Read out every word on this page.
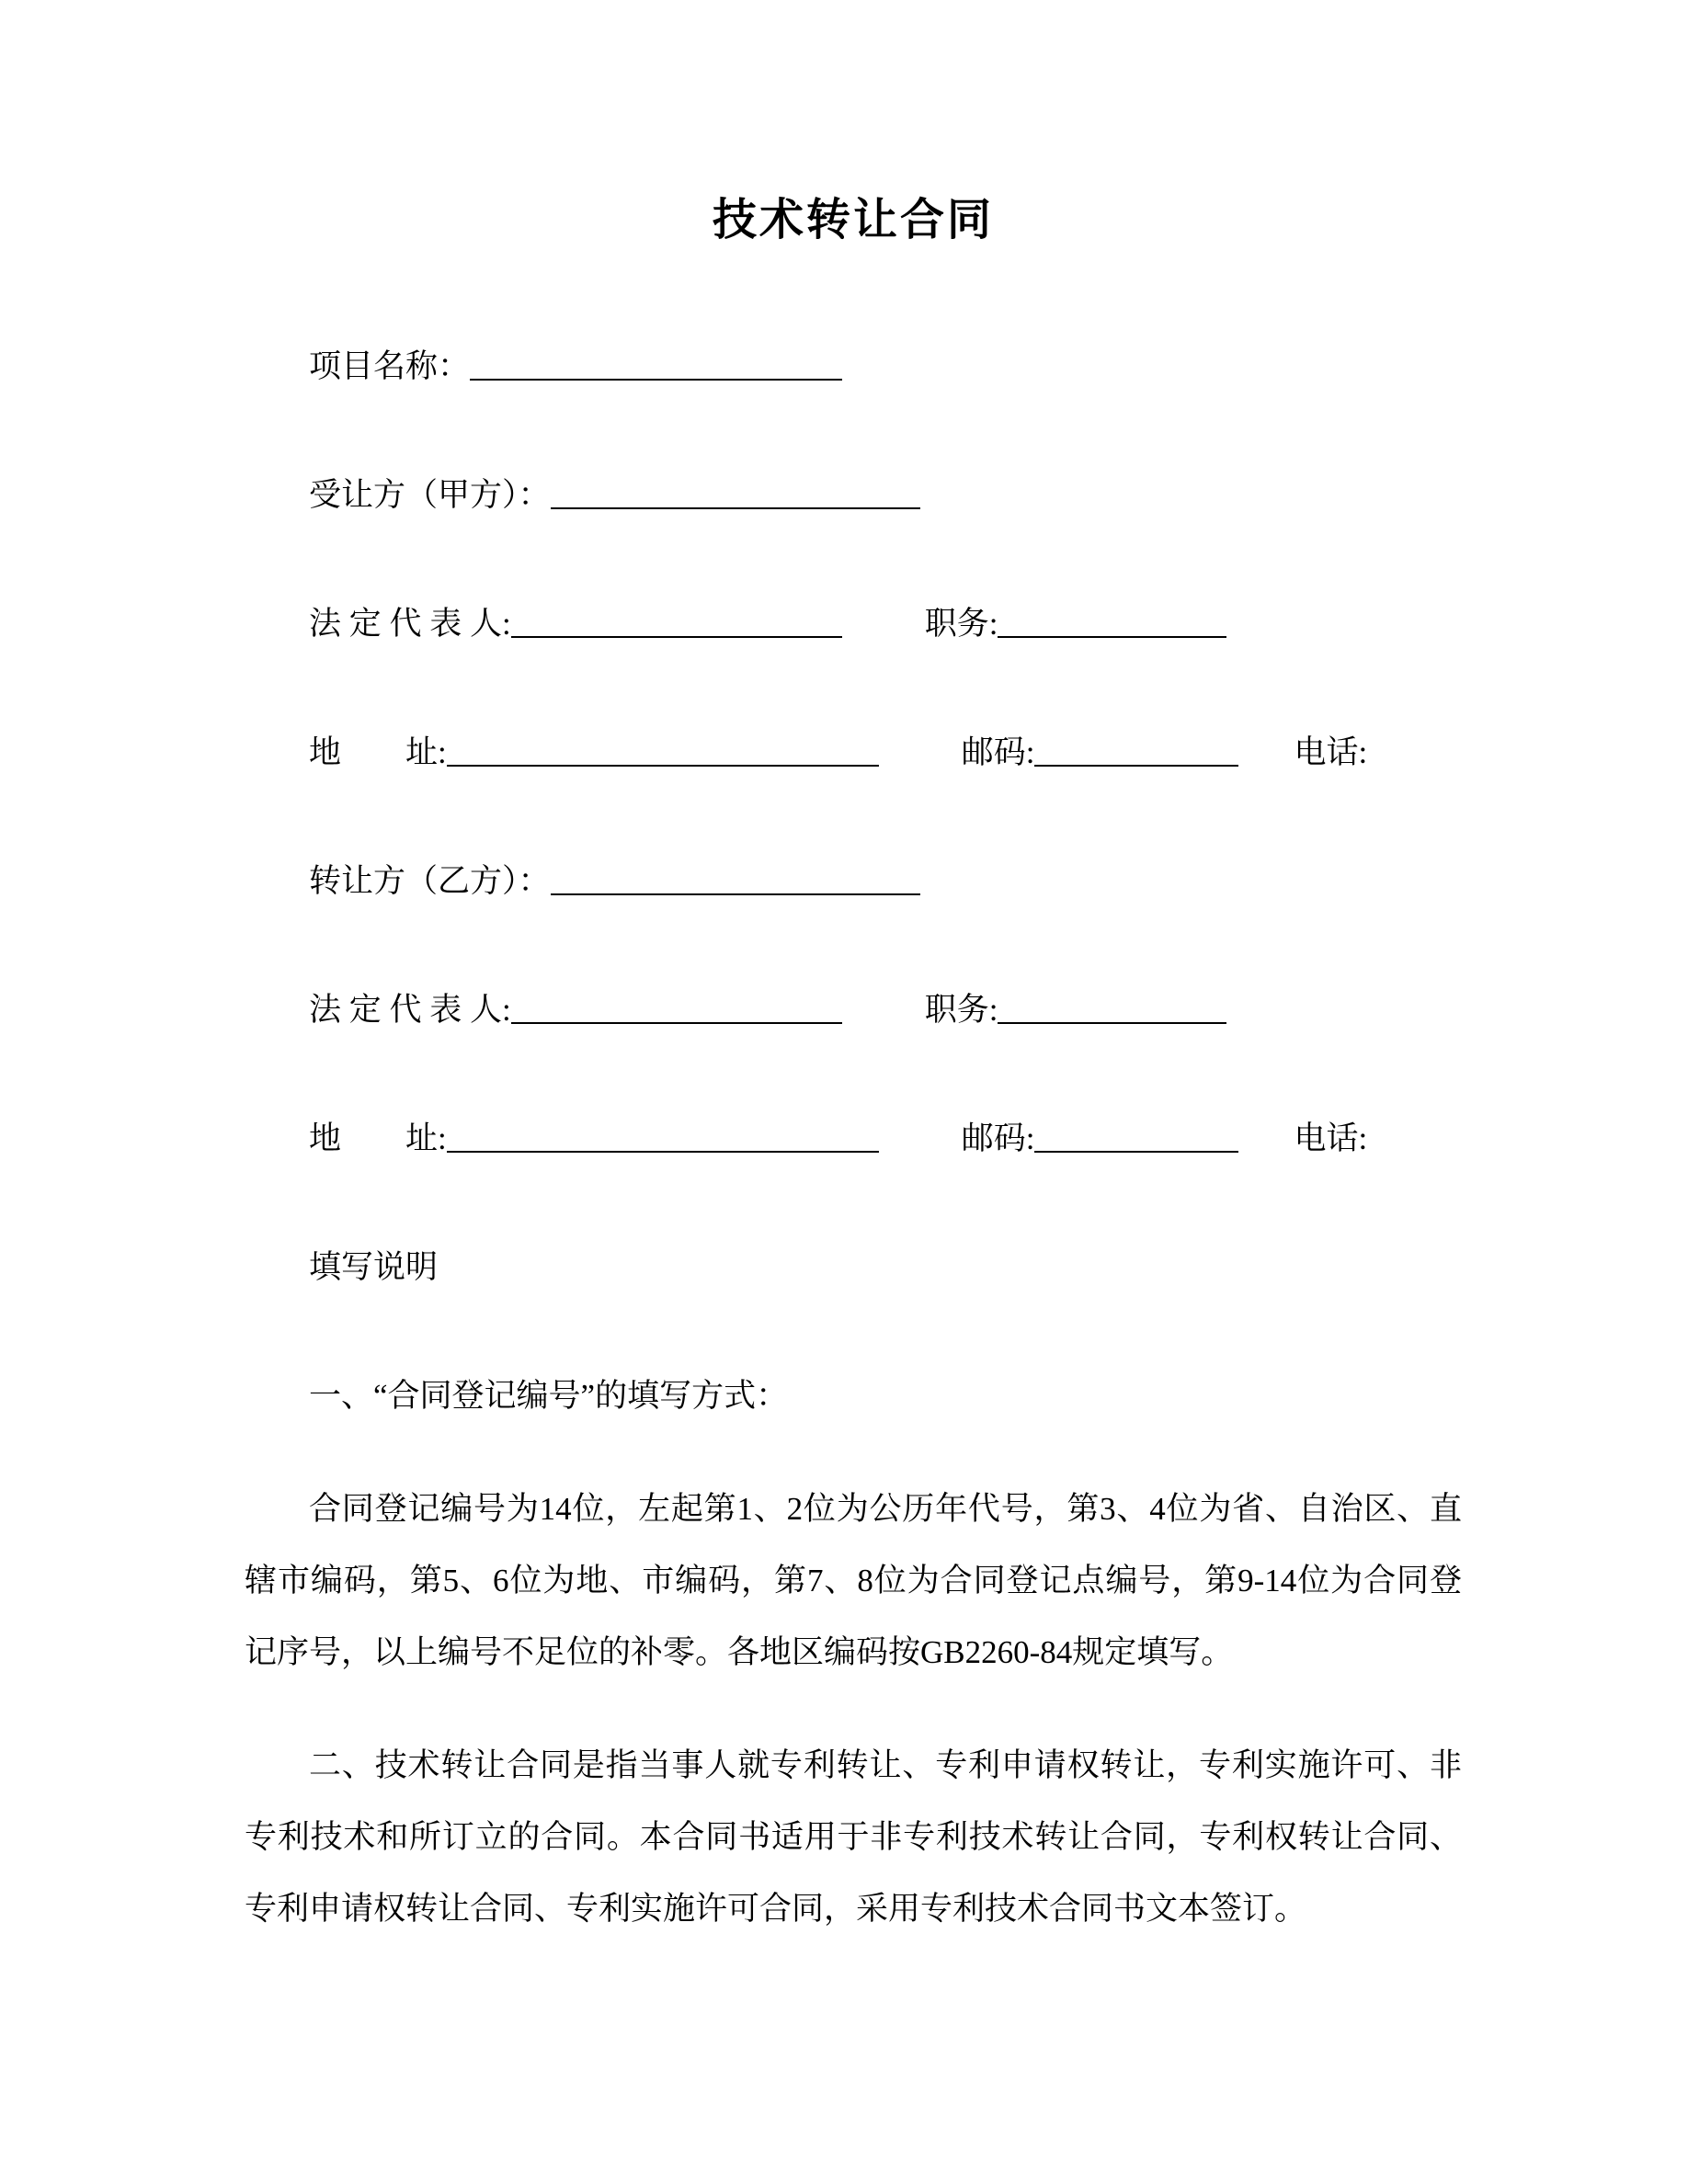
技术转让合同
项目名称：
受让方（甲方）：
法 定 代 表 人:	职务:
地　　址:	邮码:	电话:
转让方（乙方）：
法 定 代 表 人:	职务:
地　　址:	邮码:	电话:
填写说明
一、“合同登记编号”的填写方式：

合同登记编号为14位，左起第1、2位为公历年代号，第3、4位为省、自治区、直辖市编码，第5、6位为地、市编码，第7、8位为合同登记点编号，第9-14位为合同登记序号，以上编号不足位的补零。各地区编码按GB2260-84规定填写。

二、技术转让合同是指当事人就专利转让、专利申请权转让，专利实施许可、非专利技术和所订立的合同。本合同书适用于非专利技术转让合同，专利权转让合同、专利申请权转让合同、专利实施许可合同，采用专利技术合同书文本签订。
